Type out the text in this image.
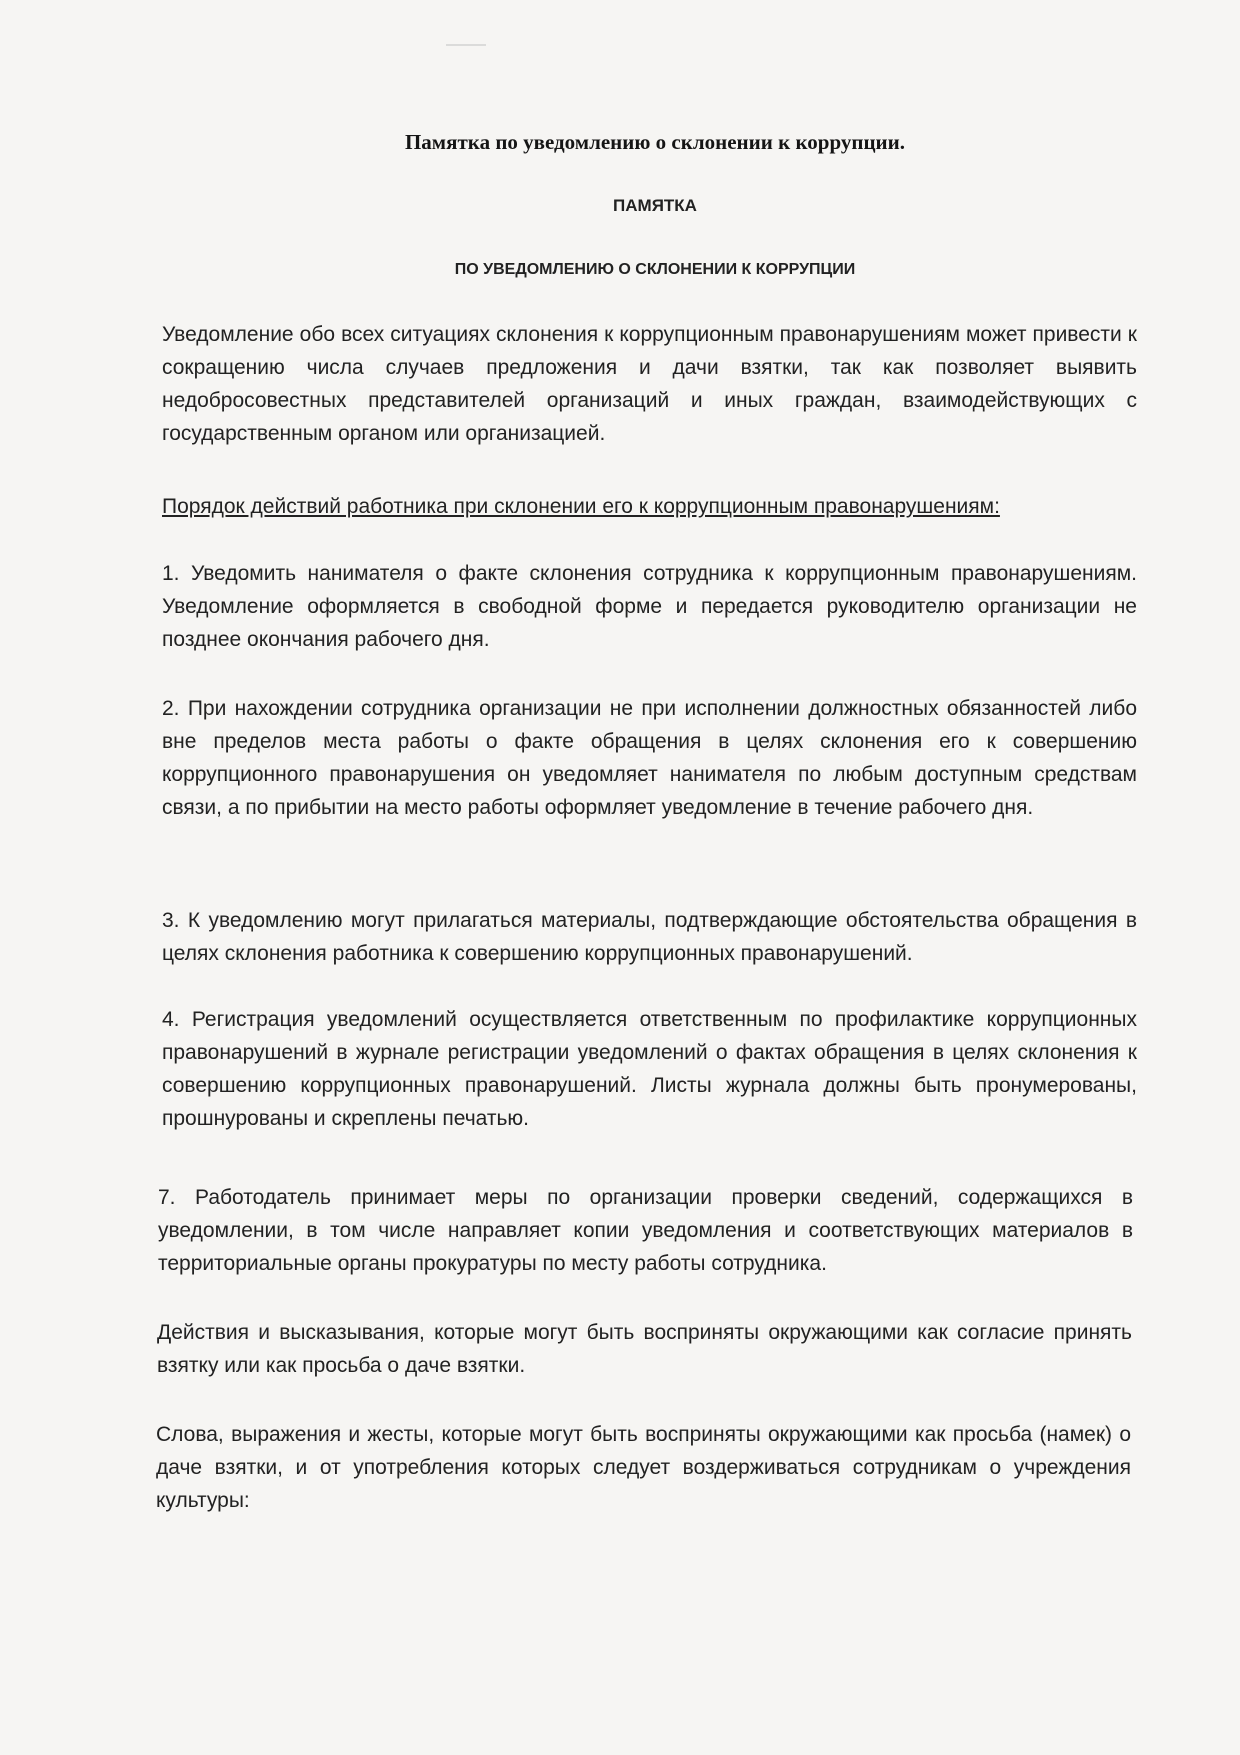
Памятка по уведомлению о склонении к коррупции.
ПАМЯТКА
ПО УВЕДОМЛЕНИЮ О СКЛОНЕНИИ К КОРРУПЦИИ
Уведомление обо всех ситуациях склонения к коррупционным правонарушениям может привести к сокращению числа случаев предложения и дачи взятки, так как позволяет выявить недобросовестных представителей организаций и иных граждан, взаимодействующих с государственным органом или организацией.
Порядок действий работника при склонении его к коррупционным правонарушениям:
1. Уведомить нанимателя о факте склонения сотрудника к коррупционным правонарушениям. Уведомление оформляется в свободной форме и передается руководителю организации не позднее окончания рабочего дня.
2. При нахождении сотрудника организации не при исполнении должностных обязанностей либо вне пределов места работы о факте обращения в целях склонения его к совершению коррупционного правонарушения он уведомляет нанимателя по любым доступным средствам связи, а по прибытии на место работы оформляет уведомление в течение рабочего дня.
3. К уведомлению могут прилагаться материалы, подтверждающие обстоятельства обращения в целях склонения работника к совершению коррупционных правонарушений.
4. Регистрация уведомлений осуществляется ответственным по профилактике коррупционных правонарушений в журнале регистрации уведомлений о фактах обращения в целях склонения к совершению коррупционных правонарушений. Листы журнала должны быть пронумерованы, прошнурованы и скреплены печатью.
7. Работодатель принимает меры по организации проверки сведений, содержащихся в уведомлении, в том числе направляет копии уведомления и соответствующих материалов в территориальные органы прокуратуры по месту работы сотрудника.
Действия и высказывания, которые могут быть восприняты окружающими как согласие принять взятку или как просьба о даче взятки.
Слова, выражения и жесты, которые могут быть восприняты окружающими как просьба (намек) о даче взятки, и от употребления которых следует воздерживаться сотрудникам о учреждения культуры:
